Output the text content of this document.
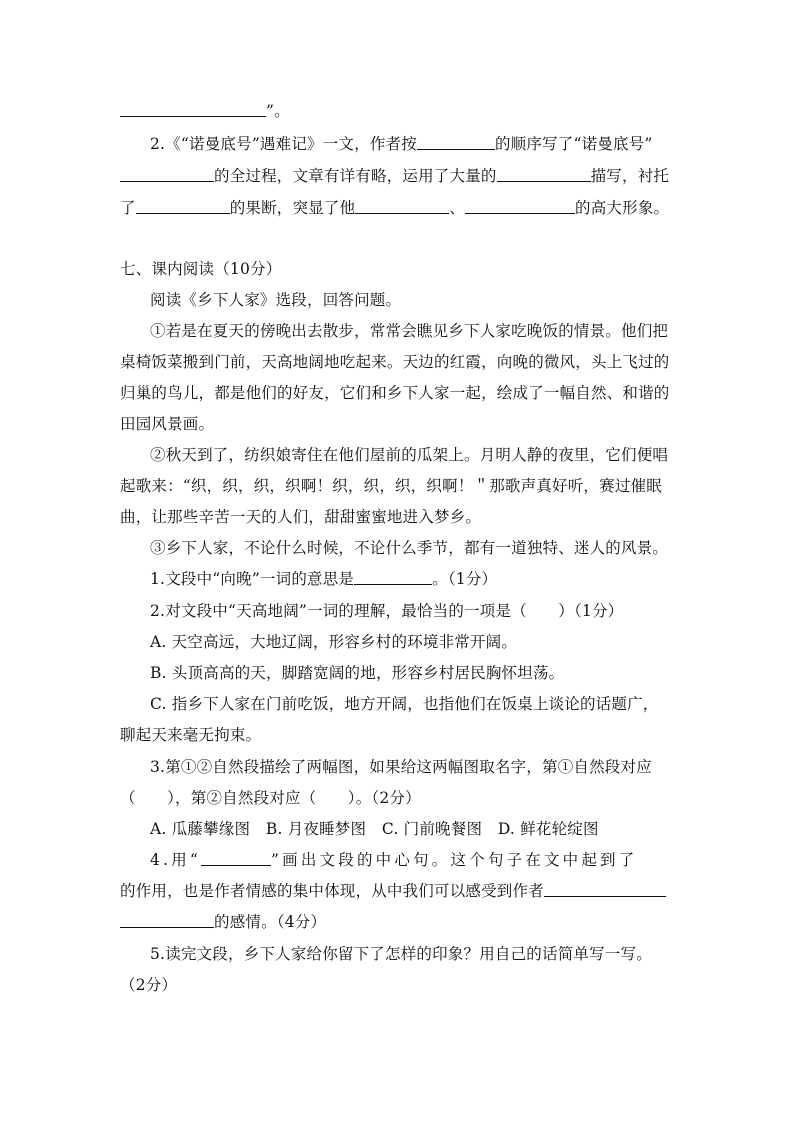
”。
2.《“诺曼底号”遇难记》一文，作者按	的顺序写了“诺曼底号”
的全过程，文章有详有略，运用了大量的	描写，衬托
了	的果断，突显了他	、	的高大形象。
七、课内阅读（10分）
阅读《乡下人家》选段，回答问题。
①若是在夏天的傍晚出去散步，常常会瞧见乡下人家吃晚饭的情景。他们把
桌椅饭菜搬到门前，天高地阔地吃起来。天边的红霞，向晚的微风，头上飞过的
归巢的鸟儿，都是他们的好友，它们和乡下人家一起，绘成了一幅自然、和谐的
田园风景画。
②秋天到了，纺织娘寄住在他们屋前的瓜架上。月明人静的夜里，它们便唱
起歌来：“织，织，织，织啊！织，织，织，织啊！＂那歌声真好听，赛过催眠
曲，让那些辛苦一天的人们，甜甜蜜蜜地进入梦乡。
③乡下人家，不论什么时候，不论什么季节，都有一道独特、迷人的风景。
1.文段中“向晚”一词的意思是	。（1分）
2.对文段中“天高地阔”一词的理解，最恰当的一项是（　　）（1分）
A. 天空高远，大地辽阔，形容乡村的环境非常开阔。
B. 头顶高高的天，脚踏宽阔的地，形容乡村居民胸怀坦荡。
C. 指乡下人家在门前吃饭，地方开阔，也指他们在饭桌上谈论的话题广，
聊起天来毫无拘束。
3.第①②自然段描绘了两幅图，如果给这两幅图取名字，第①自然段对应
（　　），第②自然段对应（　　）。（2分）
A. 瓜藤攀缘图　B. 月夜睡梦图　C. 门前晚餐图　D. 鲜花轮绽图
4.用“	”画出文段的中心句。这个句子在文中起到了
的作用，也是作者情感的集中体现，从中我们可以感受到作者
的感情。（4分）
5.读完文段，乡下人家给你留下了怎样的印象？用自己的话简单写一写。
（2分）
